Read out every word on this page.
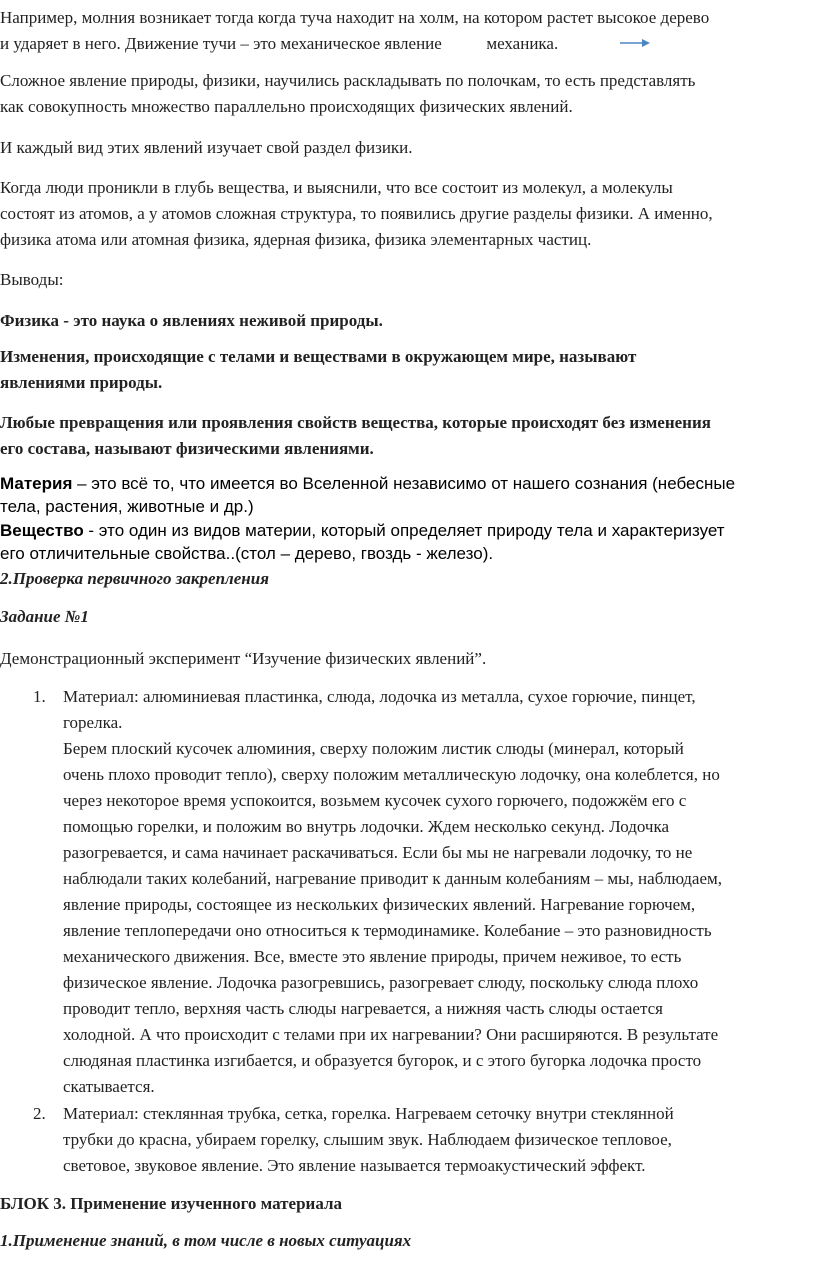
Например, молния возникает тогда когда туча находит на холм, на котором растет высокое дерево
и ударяет в него. Движение тучи – это механическое явление	механика.
Сложное явление природы, физики, научились раскладывать по полочкам, то есть представлять
как совокупность множество параллельно происходящих физических явлений.
И каждый вид этих явлений изучает свой раздел физики.
Когда люди проникли в глубь вещества, и выяснили, что все состоит из молекул, а молекулы
состоят из атомов, а у атомов сложная структура, то появились другие разделы физики. А именно,
физика атома или атомная физика, ядерная физика, физика элементарных частиц.
Выводы:
Физика - это наука о явлениях неживой природы.
Изменения, происходящие с телами и веществами в окружающем мире, называют
явлениями природы.
Любые превращения или проявления свойств вещества, которые происходят без изменения
его состава, называют физическими явлениями.
Материя – это всё то, что имеется во Вселенной независимо от нашего сознания (небесные
тела, растения, животные и др.)
Вещество - это один из видов материи, который определяет природу тела и характеризует
его отличительные свойства..(стол – дерево, гвоздь - железо).
2.Проверка первичного закрепления
Задание №1
Демонстрационный эксперимент “Изучение физических явлений”.
1. Материал: алюминиевая пластинка, слюда, лодочка из металла, сухое горючие, пинцет,
горелка.
Берем плоский кусочек алюминия, сверху положим листик слюды (минерал, который
очень плохо проводит тепло), сверху положим металлическую лодочку, она колеблется, но
через некоторое время успокоится, возьмем кусочек сухого горючего, подожжём его с
помощью горелки, и положим во внутрь лодочки. Ждем несколько секунд. Лодочка
разогревается, и сама начинает раскачиваться. Если бы мы не нагревали лодочку, то не
наблюдали таких колебаний, нагревание приводит к данным колебаниям – мы, наблюдаем,
явление природы, состоящее из нескольких физических явлений. Нагревание горючем,
явление теплопередачи оно относиться к термодинамике. Колебание – это разновидность
механического движения. Все, вместе это явление природы, причем неживое, то есть
физическое явление. Лодочка разогревшись, разогревает слюду, поскольку слюда плохо
проводит тепло, верхняя часть слюды нагревается, а нижняя часть слюды остается
холодной. А что происходит с телами при их нагревании? Они расширяются. В результате
слюдяная пластинка изгибается, и образуется бугорок, и с этого бугорка лодочка просто
скатывается.
2. Материал: стеклянная трубка, сетка, горелка. Нагреваем сеточку внутри стеклянной
трубки до красна, убираем горелку, слышим звук. Наблюдаем физическое тепловое,
световое, звуковое явление. Это явление называется термоакустический эффект.
БЛОК 3. Применение изученного материала
1.Применение знаний, в том числе в новых ситуациях
